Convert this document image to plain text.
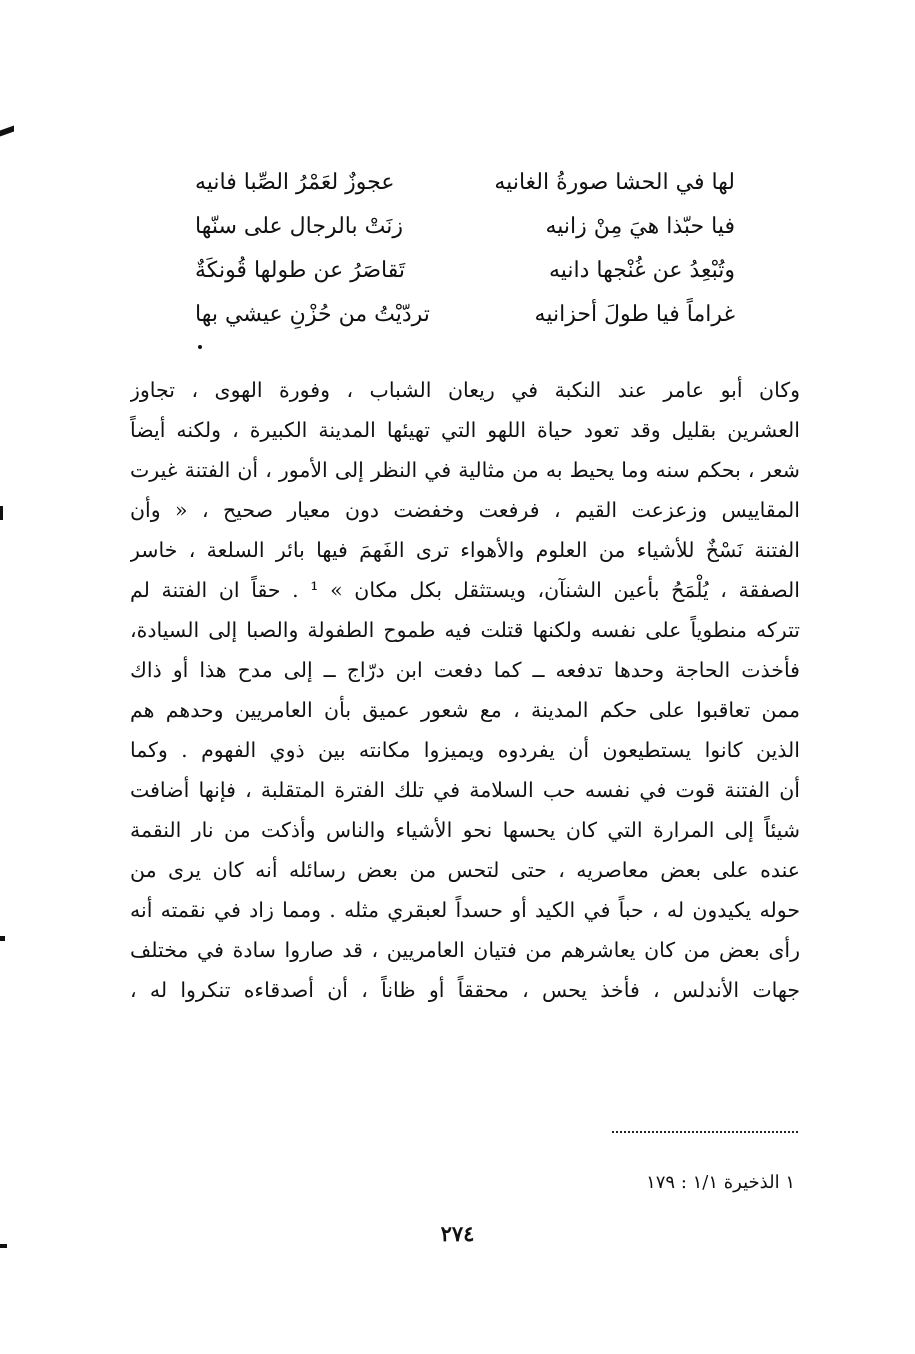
عجوزٌ لعَمْرُ الصِّبا فانيه	لها في الحشا صورةُ الغانيه
زنَتْ بالرجال على سنّها	فيا حبّذا هيَ مِنْ زانيه
تَقاصَرُ عن طولها قُونكَةٌ	وتُبْعِدُ عن غُنْجها دانيه
تردّيْتُ من حُزْنِ عيشي بها	غراماً فيا طولَ أحزانيه
وكان أبو عامر عند النكبة في ريعان الشباب ، وفورة الهوى ، تجاوز
العشرين بقليل وقد تعود حياة اللهو التي تهيئها المدينة الكبيرة ، ولكنه أيضاً
شعر ، بحكم سنه وما يحيط به من مثالية في النظر إلى الأمور ، أن الفتنة غيرت
المقاييس وزعزعت القيم ، فرفعت وخفضت دون معيار صحيح ، « وأن
الفتنة نَسْخٌ للأشياء من العلوم والأهواء ترى الفَهمَ فيها بائر السلعة ، خاسر
الصفقة ، يُلْمَحُ بأعين الشنآن، ويستثقل بكل مكان » ¹ . حقاً ان الفتنة لم
تتركه منطوياً على نفسه ولكنها قتلت فيه طموح الطفولة والصبا إلى السيادة،
فأخذت الحاجة وحدها تدفعه ــ كما دفعت ابن درّاج ــ إلى مدح هذا أو ذاك
ممن تعاقبوا على حكم المدينة ، مع شعور عميق بأن العامريين وحدهم هم
الذين كانوا يستطيعون أن يفردوه ويميزوا مكانته بين ذوي الفهوم . وكما
أن الفتنة قوت في نفسه حب السلامة في تلك الفترة المتقلبة ، فإنها أضافت
شيئاً إلى المرارة التي كان يحسها نحو الأشياء والناس وأذكت من نار النقمة
عنده على بعض معاصريه ، حتى لتحس من بعض رسائله أنه كان يرى من
حوله يكيدون له ، حباً في الكيد أو حسداً لعبقري مثله . ومما زاد في نقمته أنه
رأى بعض من كان يعاشرهم من فتيان العامريين ، قد صاروا سادة في مختلف
جهات الأندلس ، فأخذ يحس ، محققاً أو ظاناً ، أن أصدقاءه تنكروا له ،
١ الذخيرة ١/١ : ١٧٩
٢٧٤
